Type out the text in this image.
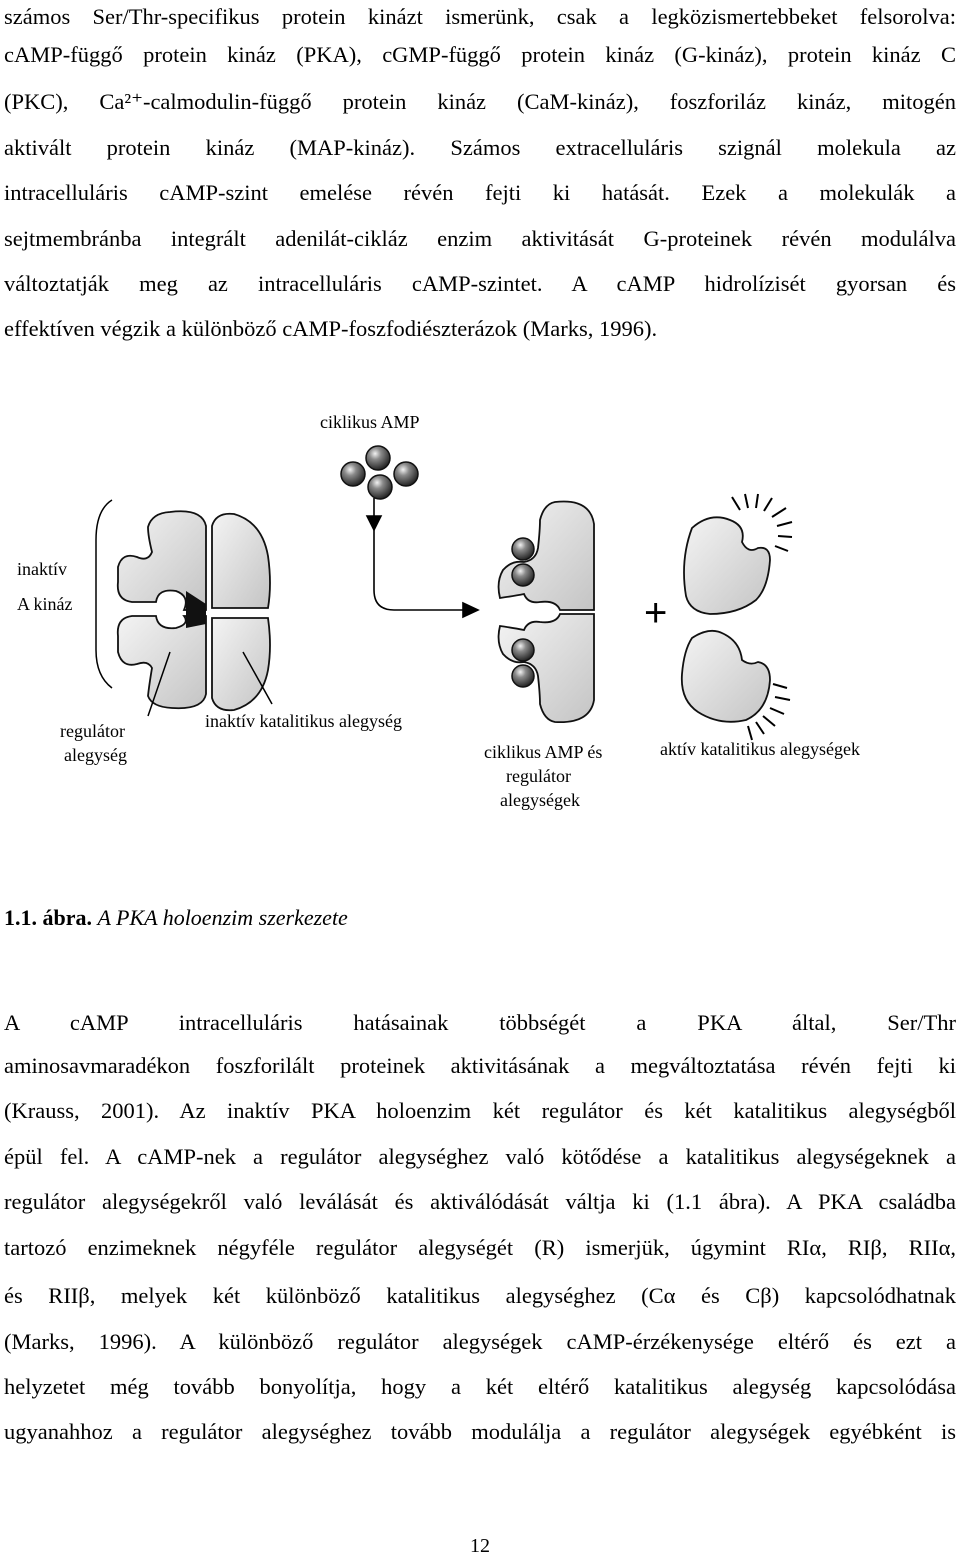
számos Ser/Thr-specifikus protein kinázt ismerünk, csak a legközismertebbeket felsorolva:
cAMP-függő protein kináz (PKA), cGMP-függő protein kináz (G-kináz), protein kináz C
(PKC), Ca²⁺-calmodulin-függő protein kináz (CaM-kináz), foszforiláz kináz, mitogén
aktivált protein kináz (MAP-kináz). Számos extracelluláris szignál molekula az
intracelluláris cAMP-szint emelése révén fejti ki hatását. Ezek a molekulák a
sejtmembránba integrált adenilát-cikláz enzim aktivitását G-proteinek révén modulálva
változtatják meg az intracelluláris cAMP-szintet. A cAMP hidrolízisét gyorsan és
effektíven végzik a különböző cAMP-foszfodiészterázok (Marks, 1996).
+
ciklikus AMP
inaktív
A kináz
regulátor
alegység
inaktív katalitikus alegység
ciklikus AMP és
regulátor
alegységek
aktív katalitikus alegységek
1.1. ábra. A PKA holoenzim szerkezete
A cAMP intracelluláris hatásainak többségét a PKA által, Ser/Thr
aminosavmaradékon foszforilált proteinek aktivitásának a megváltoztatása révén fejti ki
(Krauss, 2001). Az inaktív PKA holoenzim két regulátor és két katalitikus alegységből
épül fel. A cAMP-nek a regulátor alegységhez való kötődése a katalitikus alegységeknek a
regulátor alegységekről való leválását és aktiválódását váltja ki (1.1 ábra). A PKA családba
tartozó enzimeknek négyféle regulátor alegységét (R) ismerjük, úgymint RIα, RIβ, RIIα,
és RIIβ, melyek két különböző katalitikus alegységhez (Cα és Cβ) kapcsolódhatnak
(Marks, 1996). A különböző regulátor alegységek cAMP-érzékenysége eltérő és ezt a
helyzetet még tovább bonyolítja, hogy a két eltérő katalitikus alegység kapcsolódása
ugyanahhoz a regulátor alegységhez tovább modulálja a regulátor alegységek egyébként is
12
